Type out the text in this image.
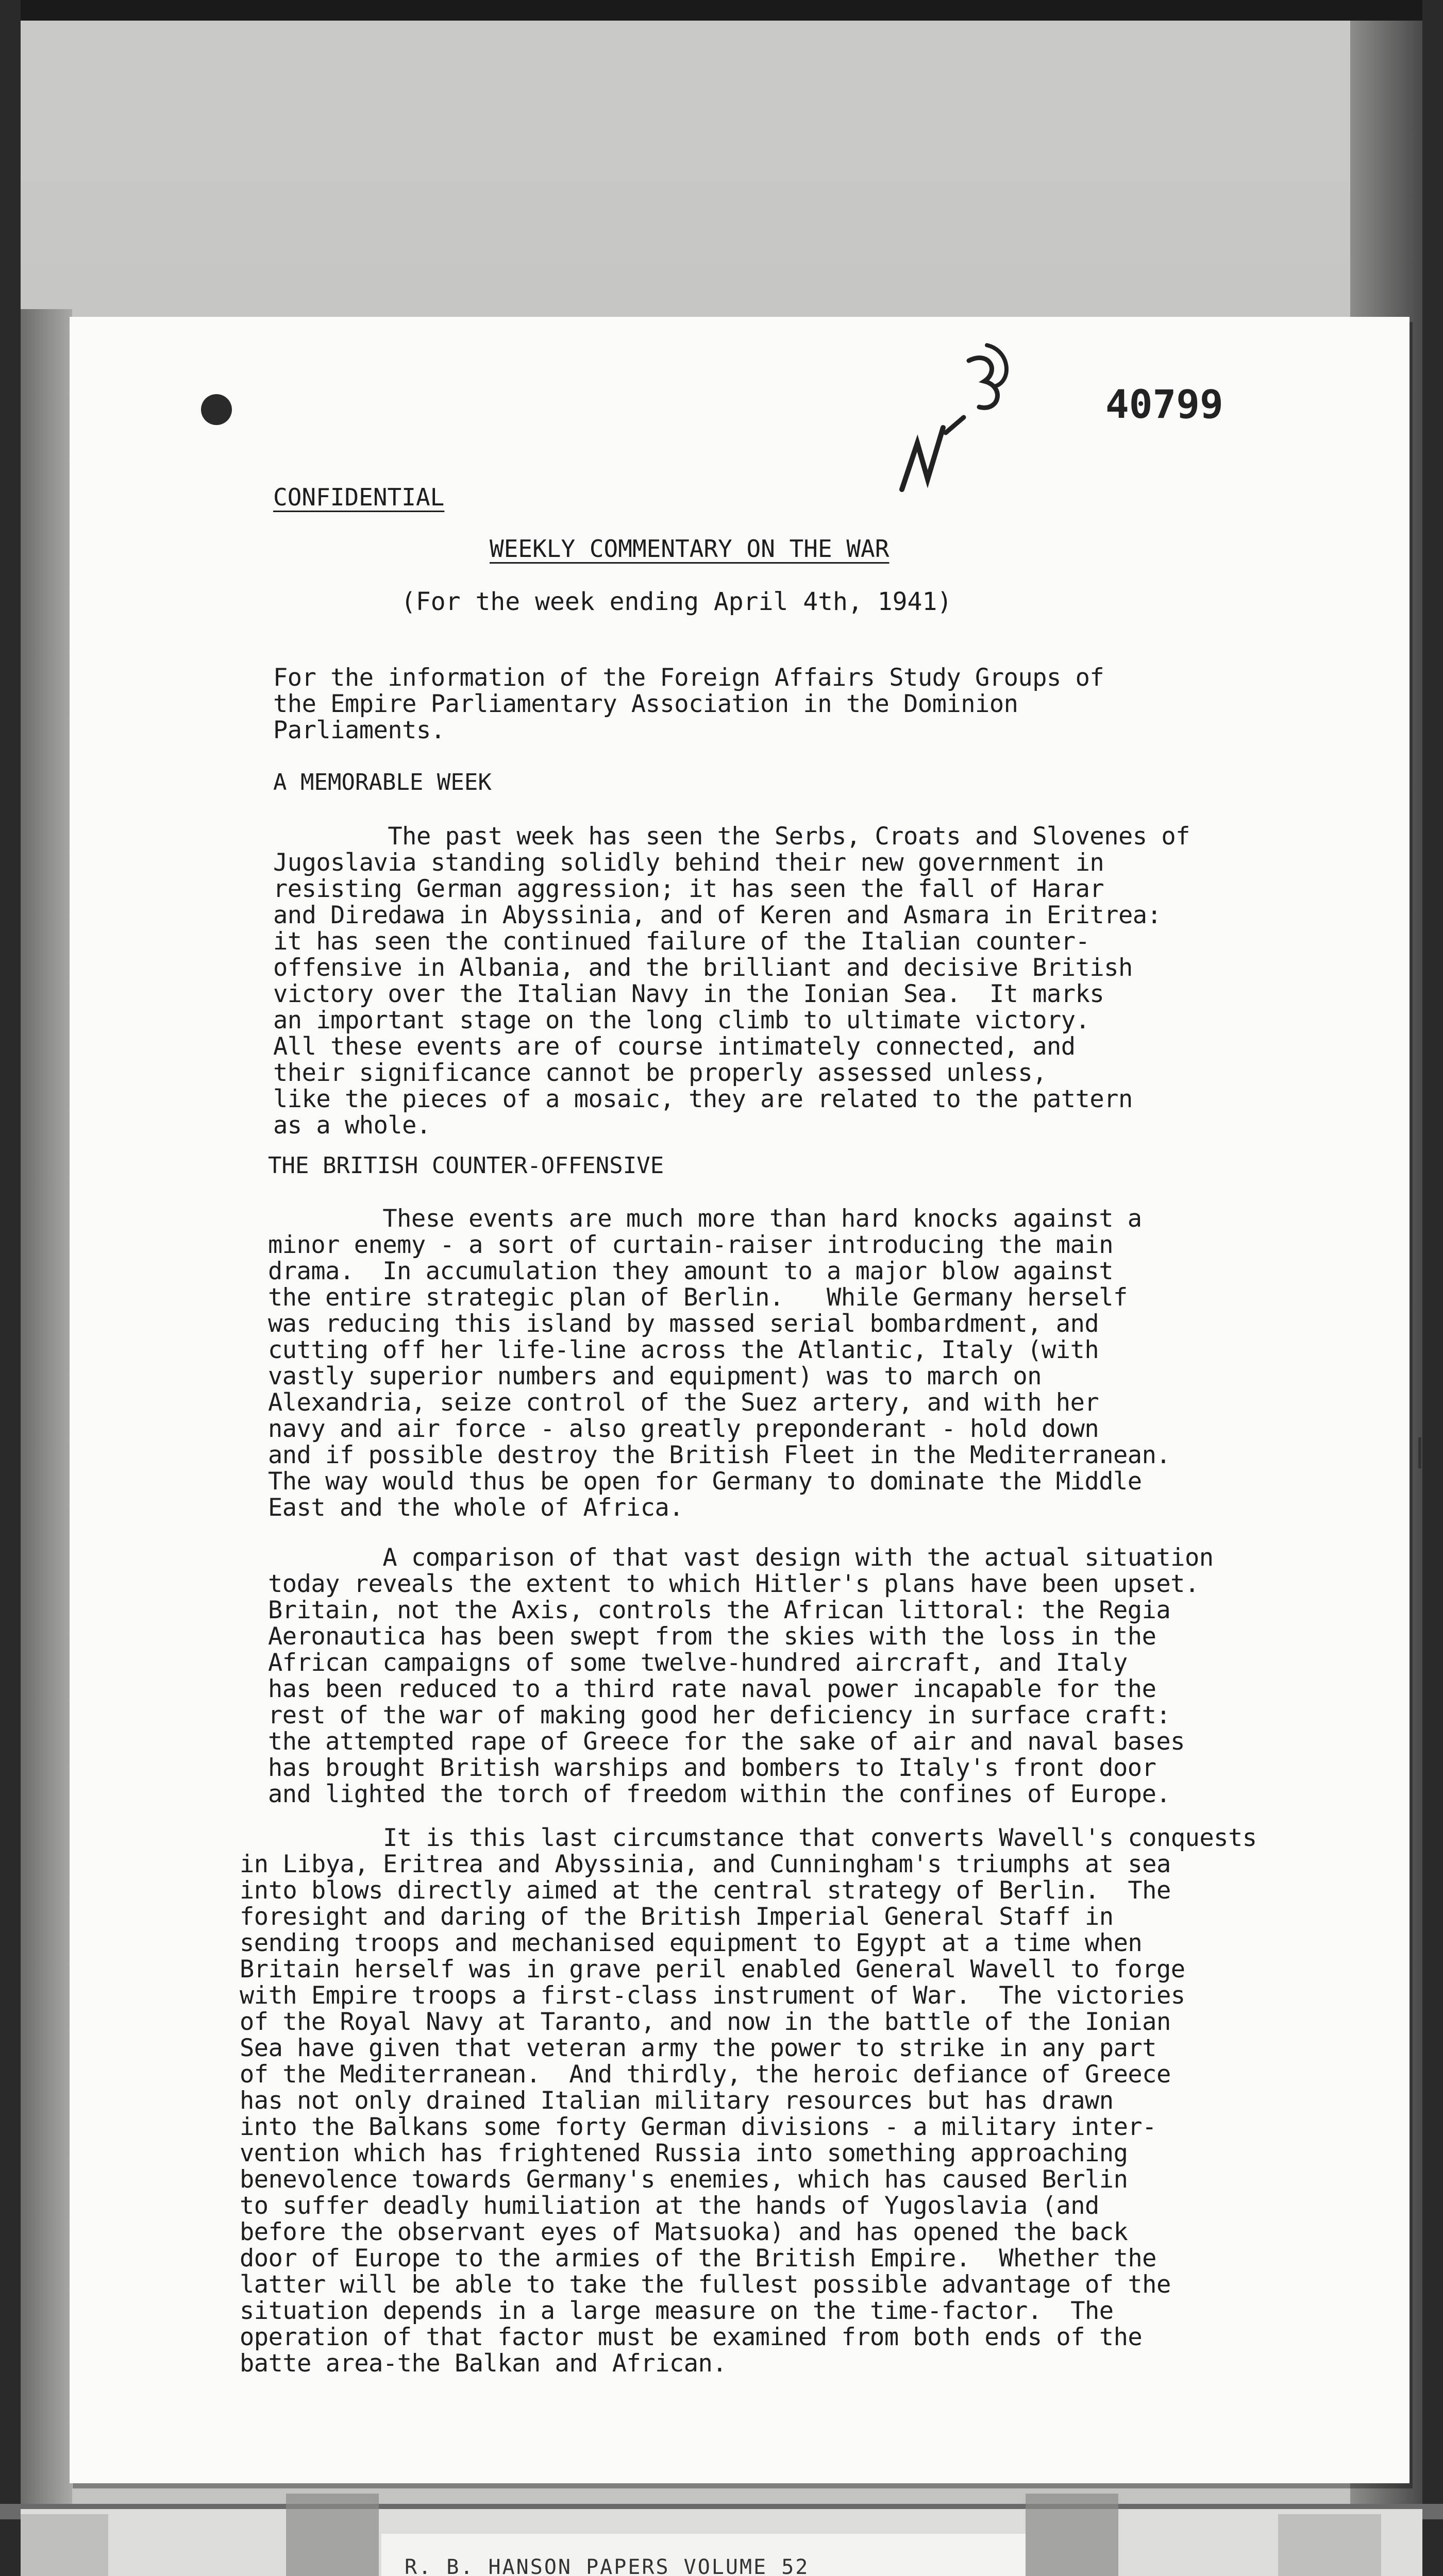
40799
CONFIDENTIAL
WEEKLY COMMENTARY ON THE WAR
(For the week ending April 4th, 1941)
For the information of the Foreign Affairs Study Groups of
the Empire Parliamentary Association in the Dominion
Parliaments.
A MEMORABLE WEEK
The past week has seen the Serbs, Croats and Slovenes of
Jugoslavia standing solidly behind their new government in
resisting German aggression; it has seen the fall of Harar
and Diredawa in Abyssinia, and of Keren and Asmara in Eritrea:
it has seen the continued failure of the Italian counter-
offensive in Albania, and the brilliant and decisive British
victory over the Italian Navy in the Ionian Sea.  It marks
an important stage on the long climb to ultimate victory.
All these events are of course intimately connected, and
their significance cannot be properly assessed unless,
like the pieces of a mosaic, they are related to the pattern
as a whole.
THE BRITISH COUNTER-OFFENSIVE
These events are much more than hard knocks against a
minor enemy - a sort of curtain-raiser introducing the main
drama.  In accumulation they amount to a major blow against
the entire strategic plan of Berlin.   While Germany herself
was reducing this island by massed serial bombardment, and
cutting off her life-line across the Atlantic, Italy (with
vastly superior numbers and equipment) was to march on
Alexandria, seize control of the Suez artery, and with her
navy and air force - also greatly preponderant - hold down
and if possible destroy the British Fleet in the Mediterranean.
The way would thus be open for Germany to dominate the Middle
East and the whole of Africa.
A comparison of that vast design with the actual situation
today reveals the extent to which Hitler's plans have been upset.
Britain, not the Axis, controls the African littoral: the Regia
Aeronautica has been swept from the skies with the loss in the
African campaigns of some twelve-hundred aircraft, and Italy
has been reduced to a third rate naval power incapable for the
rest of the war of making good her deficiency in surface craft:
the attempted rape of Greece for the sake of air and naval bases
has brought British warships and bombers to Italy's front door
and lighted the torch of freedom within the confines of Europe.
It is this last circumstance that converts Wavell's conquests
in Libya, Eritrea and Abyssinia, and Cunningham's triumphs at sea
into blows directly aimed at the central strategy of Berlin.  The
foresight and daring of the British Imperial General Staff in
sending troops and mechanised equipment to Egypt at a time when
Britain herself was in grave peril enabled General Wavell to forge
with Empire troops a first-class instrument of War.  The victories
of the Royal Navy at Taranto, and now in the battle of the Ionian
Sea have given that veteran army the power to strike in any part
of the Mediterranean.  And thirdly, the heroic defiance of Greece
has not only drained Italian military resources but has drawn
into the Balkans some forty German divisions - a military inter-
vention which has frightened Russia into something approaching
benevolence towards Germany's enemies, which has caused Berlin
to suffer deadly humiliation at the hands of Yugoslavia (and
before the observant eyes of Matsuoka) and has opened the back
door of Europe to the armies of the British Empire.  Whether the
latter will be able to take the fullest possible advantage of the
situation depends in a large measure on the time-factor.  The
operation of that factor must be examined from both ends of the
batte area-the Balkan and African.
R. B. HANSON PAPERS VOLUME 52
